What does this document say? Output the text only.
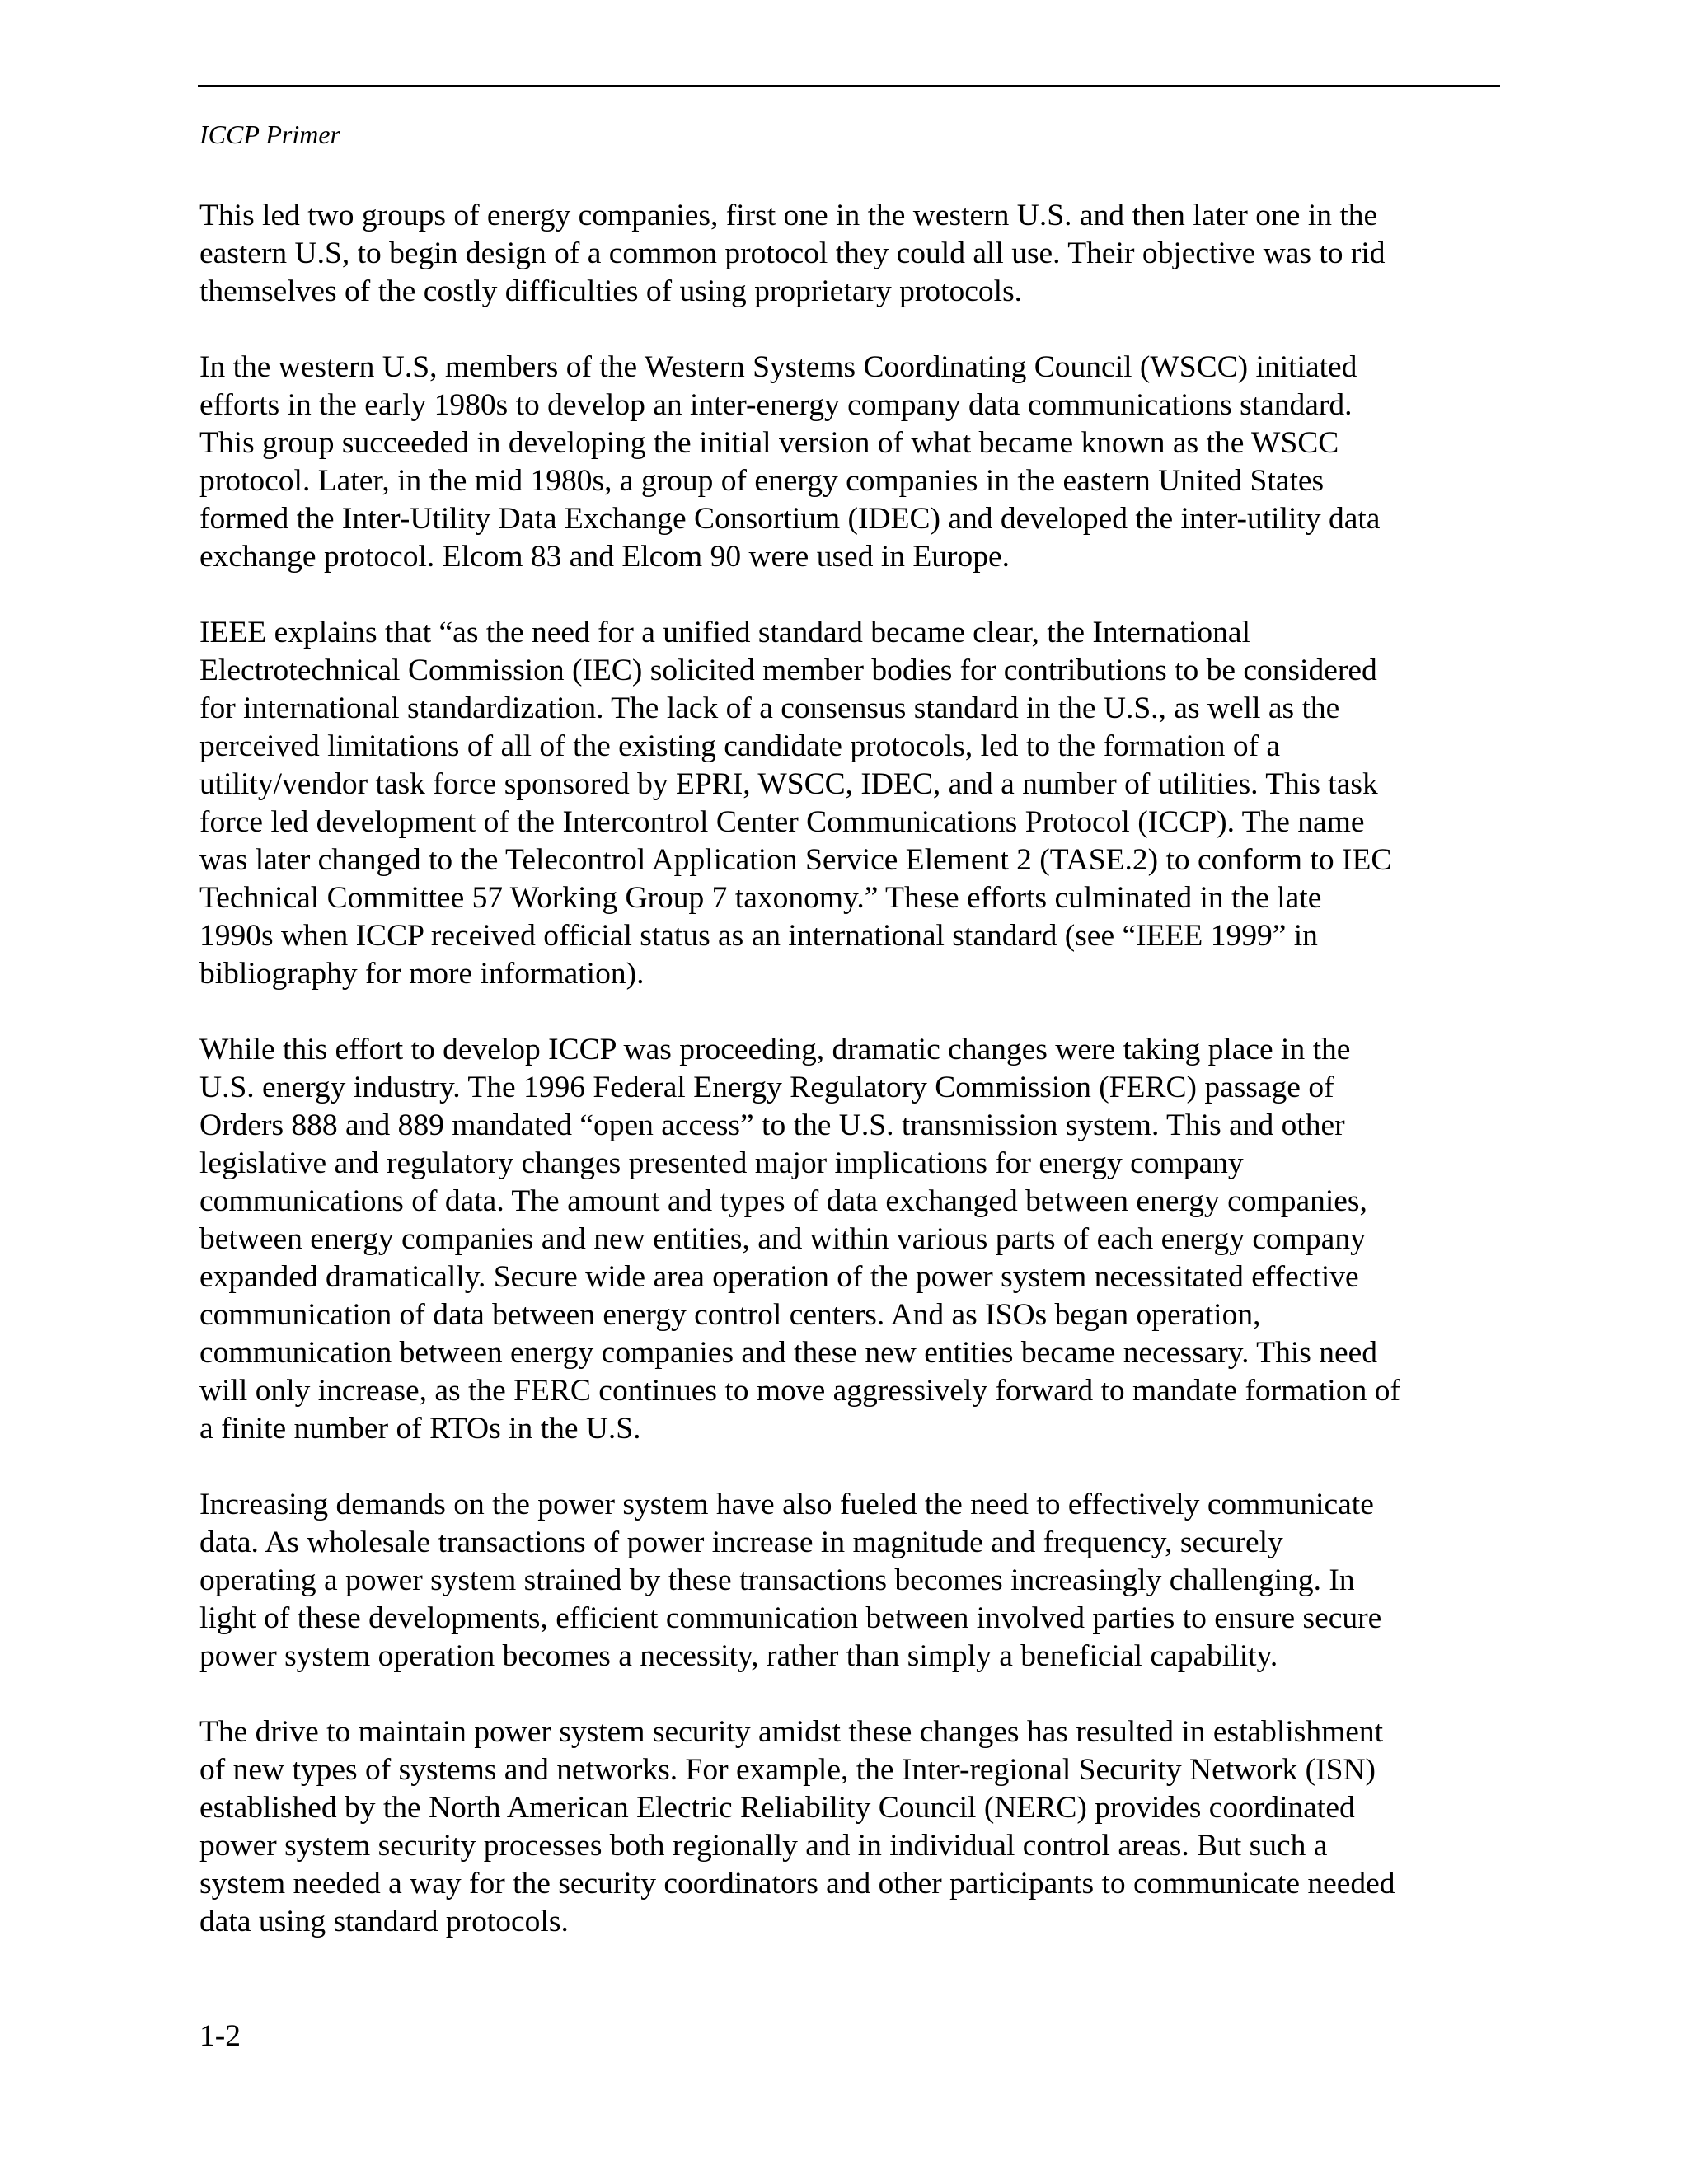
ICCP Primer

This led two groups of energy companies, first one in the western U.S. and then later one in the
eastern U.S, to begin design of a common protocol they could all use. Their objective was to rid
themselves of the costly difficulties of using proprietary protocols.

In the western U.S, members of the Western Systems Coordinating Council (WSCC) initiated
efforts in the early 1980s to develop an inter-energy company data communications standard.
This group succeeded in developing the initial version of what became known as the WSCC
protocol. Later, in the mid 1980s, a group of energy companies in the eastern United States
formed the Inter-Utility Data Exchange Consortium (IDEC) and developed the inter-utility data
exchange protocol. Elcom 83 and Elcom 90 were used in Europe.

IEEE explains that “as the need for a unified standard became clear, the International
Electrotechnical Commission (IEC) solicited member bodies for contributions to be considered
for international standardization. The lack of a consensus standard in the U.S., as well as the
perceived limitations of all of the existing candidate protocols, led to the formation of a
utility/vendor task force sponsored by EPRI, WSCC, IDEC, and a number of utilities. This task
force led development of the Intercontrol Center Communications Protocol (ICCP). The name
was later changed to the Telecontrol Application Service Element 2 (TASE.2) to conform to IEC
Technical Committee 57 Working Group 7 taxonomy.” These efforts culminated in the late
1990s when ICCP received official status as an international standard (see “IEEE 1999” in
bibliography for more information).

While this effort to develop ICCP was proceeding, dramatic changes were taking place in the
U.S. energy industry. The 1996 Federal Energy Regulatory Commission (FERC) passage of
Orders 888 and 889 mandated “open access” to the U.S. transmission system. This and other
legislative and regulatory changes presented major implications for energy company
communications of data. The amount and types of data exchanged between energy companies,
between energy companies and new entities, and within various parts of each energy company
expanded dramatically. Secure wide area operation of the power system necessitated effective
communication of data between energy control centers. And as ISOs began operation,
communication between energy companies and these new entities became necessary. This need
will only increase, as the FERC continues to move aggressively forward to mandate formation of
a finite number of RTOs in the U.S.

Increasing demands on the power system have also fueled the need to effectively communicate
data. As wholesale transactions of power increase in magnitude and frequency, securely
operating a power system strained by these transactions becomes increasingly challenging. In
light of these developments, efficient communication between involved parties to ensure secure
power system operation becomes a necessity, rather than simply a beneficial capability.

The drive to maintain power system security amidst these changes has resulted in establishment
of new types of systems and networks. For example, the Inter-regional Security Network (ISN)
established by the North American Electric Reliability Council (NERC) provides coordinated
power system security processes both regionally and in individual control areas. But such a
system needed a way for the security coordinators and other participants to communicate needed
data using standard protocols.

1-2
